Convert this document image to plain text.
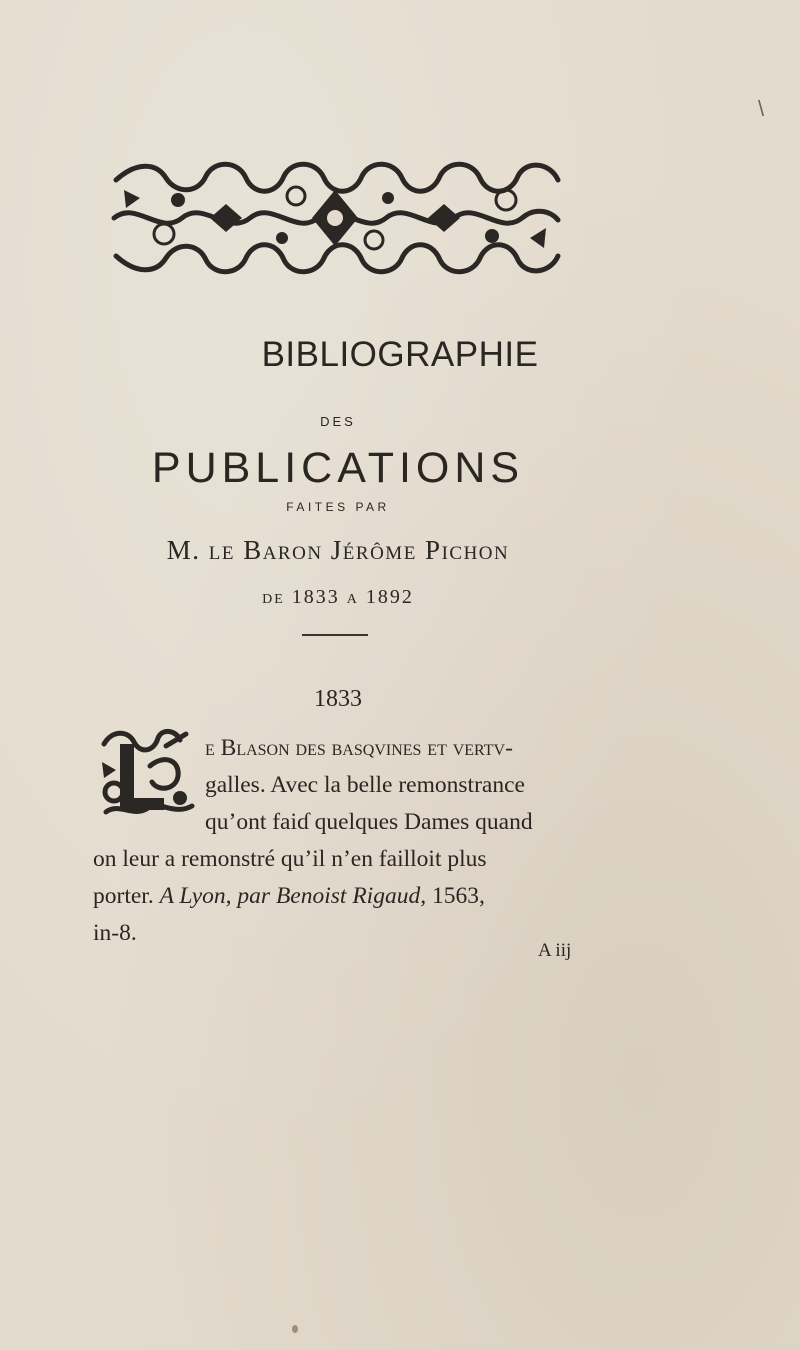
\
BIBLIOGRAPHIE
DES
PUBLICATIONS
FAITES PAR
M. le Baron Jérôme Pichon
de 1833 a 1892
1833
e Blason des basqvines et vertv-
galles. Avec la belle remonstrance
qu’ont faiɗ quelques Dames quand
on leur a remonstré qu’il n’en failloit plus
porter. A Lyon, par Benoist Rigaud, 1563,
in-8.
A iij
